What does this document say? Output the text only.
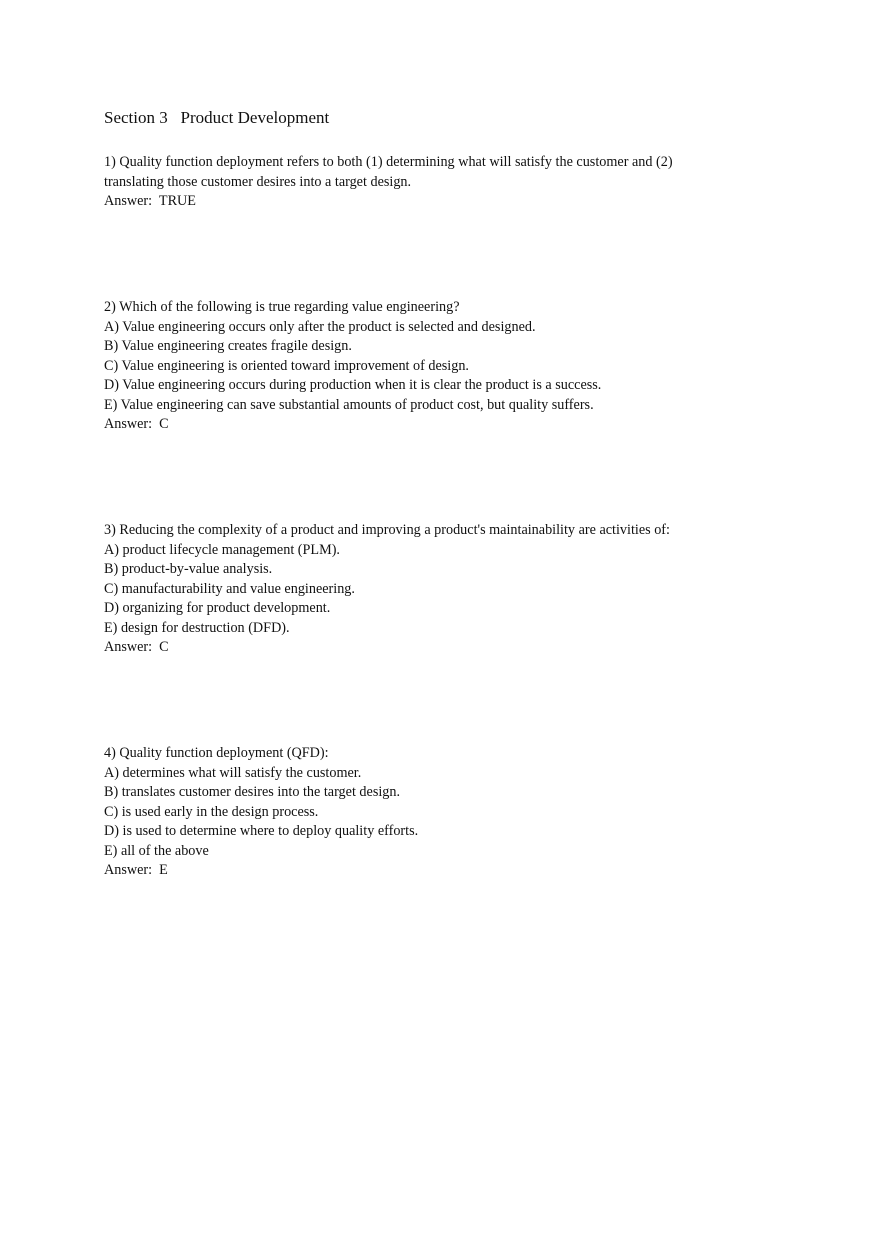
Section 3   Product Development
1) Quality function deployment refers to both (1) determining what will satisfy the customer and (2)
translating those customer desires into a target design.
Answer:  TRUE
2) Which of the following is true regarding value engineering?
A) Value engineering occurs only after the product is selected and designed.
B) Value engineering creates fragile design.
C) Value engineering is oriented toward improvement of design.
D) Value engineering occurs during production when it is clear the product is a success.
E) Value engineering can save substantial amounts of product cost, but quality suffers.
Answer:  C
3) Reducing the complexity of a product and improving a product's maintainability are activities of:
A) product lifecycle management (PLM).
B) product-by-value analysis.
C) manufacturability and value engineering.
D) organizing for product development.
E) design for destruction (DFD).
Answer:  C
4) Quality function deployment (QFD):
A) determines what will satisfy the customer.
B) translates customer desires into the target design.
C) is used early in the design process.
D) is used to determine where to deploy quality efforts.
E) all of the above
Answer:  E
